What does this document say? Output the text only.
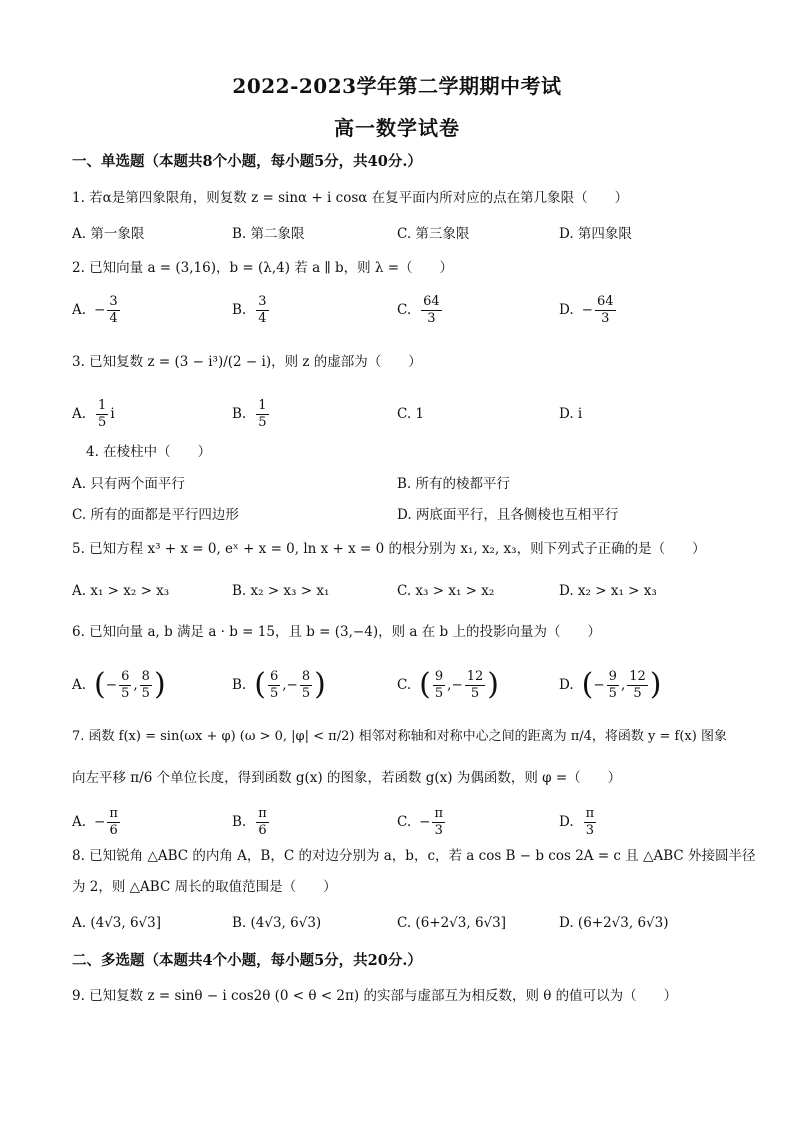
2022-2023学年第二学期期中考试
高一数学试卷
一、单选题（本题共8个小题，每小题5分，共40分.）
1. 若α是第四象限角，则复数 z = sinα + i cosα 在复平面内所对应的点在第几象限（　　）
A. 第一象限	B. 第二象限	C. 第三象限	D. 第四象限
2. 已知向量 a = (3,16)，b = (λ,4) 若 a ∥ b，则 λ =（　　）
A. − $\frac{3}{4}$	B. $\frac{3}{4}$	C. $\frac{64}{3}$	D. − $\frac{64}{3}$
3. 已知复数 z = (3 − i³)/(2 − i)，则 z 的虚部为（　　）
A. $\frac{1}{5}$ i	B. $\frac{1}{5}$	C. 1	D. i
4. 在棱柱中（　　）
A. 只有两个面平行	B. 所有的棱都平行
C. 所有的面都是平行四边形	D. 两底面平行，且各侧棱也互相平行
5. 已知方程 x³ + x = 0, eˣ + x = 0, ln x + x = 0 的根分别为 x₁, x₂, x₃，则下列式子正确的是（　　）
A. x₁ > x₂ > x₃	B. x₂ > x₃ > x₁	C. x₃ > x₁ > x₂	D. x₂ > x₁ > x₃
6. 已知向量 a, b 满足 a · b = 15，且 b = (3,−4)，则 a 在 b 上的投影向量为（　　）
A. ( − $\frac{6}{5}$ , $\frac{8}{5}$ )	B. ( $\frac{6}{5}$ , − $\frac{8}{5}$ )	C. ( $\frac{9}{5}$ , − $\frac{12}{5}$ )	D. ( − $\frac{9}{5}$ , $\frac{12}{5}$ )
7. 函数 f(x) = sin(ωx + φ) (ω > 0, |φ| < π/2) 相邻对称轴和对称中心之间的距离为 π/4，将函数 y = f(x) 图象
向左平移 π/6 个单位长度，得到函数 g(x) 的图象，若函数 g(x) 为偶函数，则 φ =（　　）
A. − $\frac{\pi}{6}$	B. $\frac{\pi}{6}$	C. − $\frac{\pi}{3}$	D. $\frac{\pi}{3}$
8. 已知锐角 △ABC 的内角 A，B，C 的对边分别为 a，b，c，若 a cos B − b cos 2A = c 且 △ABC 外接圆半径
为 2，则 △ABC 周长的取值范围是（　　）
A. (4√3, 6√3]	B. (4√3, 6√3)	C. (6+2√3, 6√3]	D. (6+2√3, 6√3)
二、多选题（本题共4个小题，每小题5分，共20分.）
9. 已知复数 z = sinθ − i cos2θ (0 < θ < 2π) 的实部与虚部互为相反数，则 θ 的值可以为（　　）
